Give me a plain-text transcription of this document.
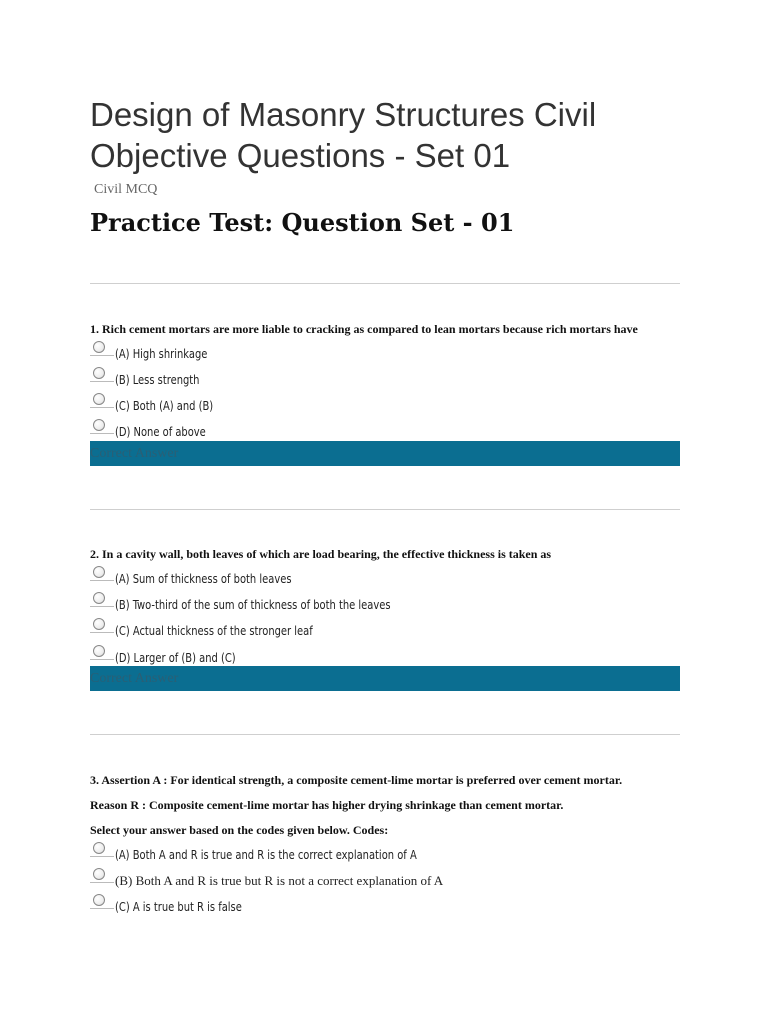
Design of Masonry Structures Civil Objective Questions - Set 01
Civil MCQ
Practice Test: Question Set - 01
1. Rich cement mortars are more liable to cracking as compared to lean mortars because rich mortars have
(A) High shrinkage
(B) Less strength
(C) Both (A) and (B)
(D) None of above
Correct Answer
2. In a cavity wall, both leaves of which are load bearing, the effective thickness is taken as
(A) Sum of thickness of both leaves
(B) Two-third of the sum of thickness of both the leaves
(C) Actual thickness of the stronger leaf
(D) Larger of (B) and (C)
Correct Answer
3. Assertion A : For identical strength, a composite cement-lime mortar is preferred over cement mortar.
Reason R : Composite cement-lime mortar has higher drying shrinkage than cement mortar.
Select your answer based on the codes given below. Codes:
(A) Both A and R is true and R is the correct explanation of A
(B) Both A and R is true but R is not a correct explanation of A
(C) A is true but R is false
